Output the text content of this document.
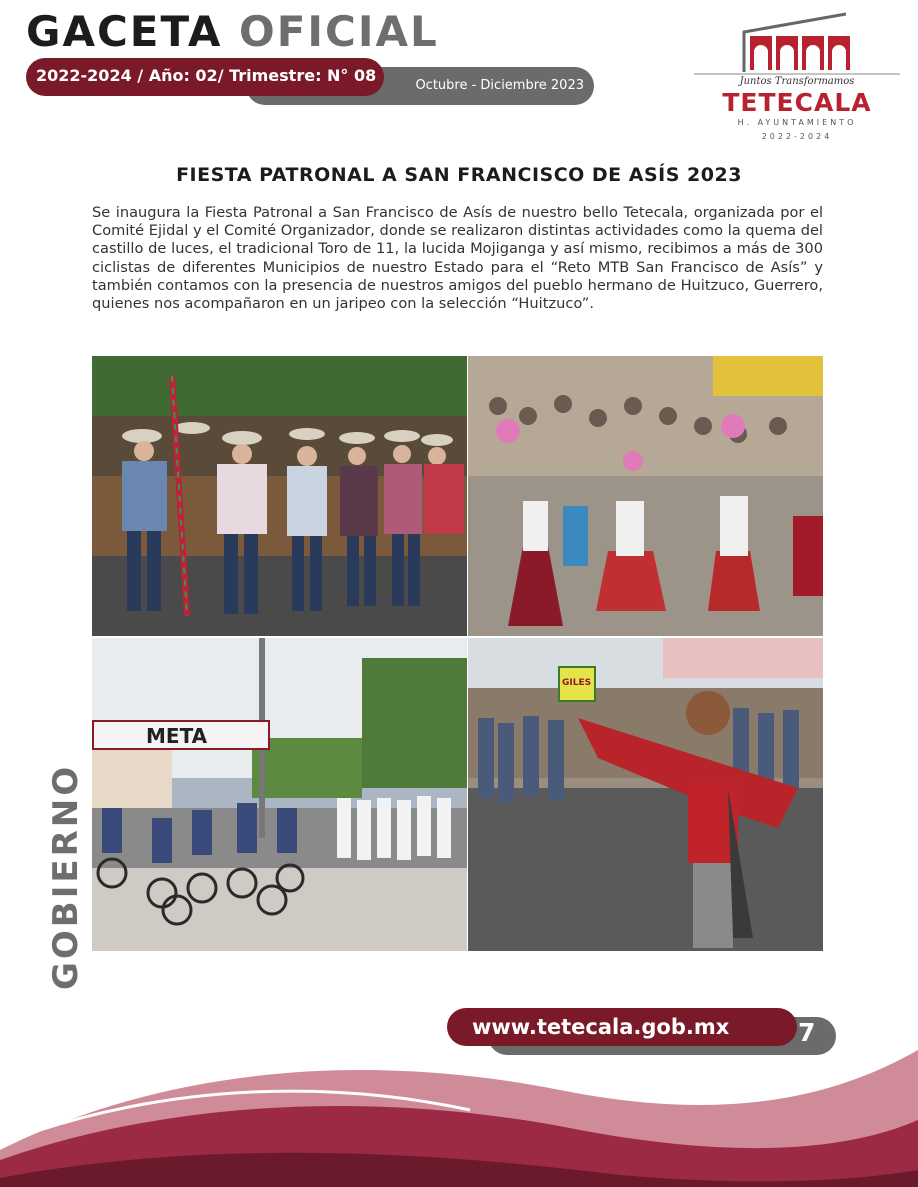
GACETA OFICIAL
Octubre - Diciembre 2023
2022-2024 / Año: 02/ Trimestre: N° 08	Juntos Transformamos
TETECALA
H. AYUNTAMIENTO
2022-2024
FIESTA PATRONAL A SAN FRANCISCO DE ASÍS 2023
Se inaugura la Fiesta Patronal a San Francisco de Asís de nuestro bello Tetecala, organizada por el Comité Ejidal y el Comité Organizador, donde se realizaron distintas actividades como la quema del castillo de luces, el tradicional Toro de 11, la lucida Mojiganga y así mismo, recibimos a más de 300 ciclistas de diferentes Municipios de nuestro Estado para el “Reto MTB San Francisco de Asís” y también contamos con la presencia de nuestros amigos del pueblo hermano de Huitzuco, Guerrero, quienes nos acompañaron en un jaripeo con la selección “Huitzuco”.
META
GILES
GOBIERNO
www.tetecala.gob.mx	7
